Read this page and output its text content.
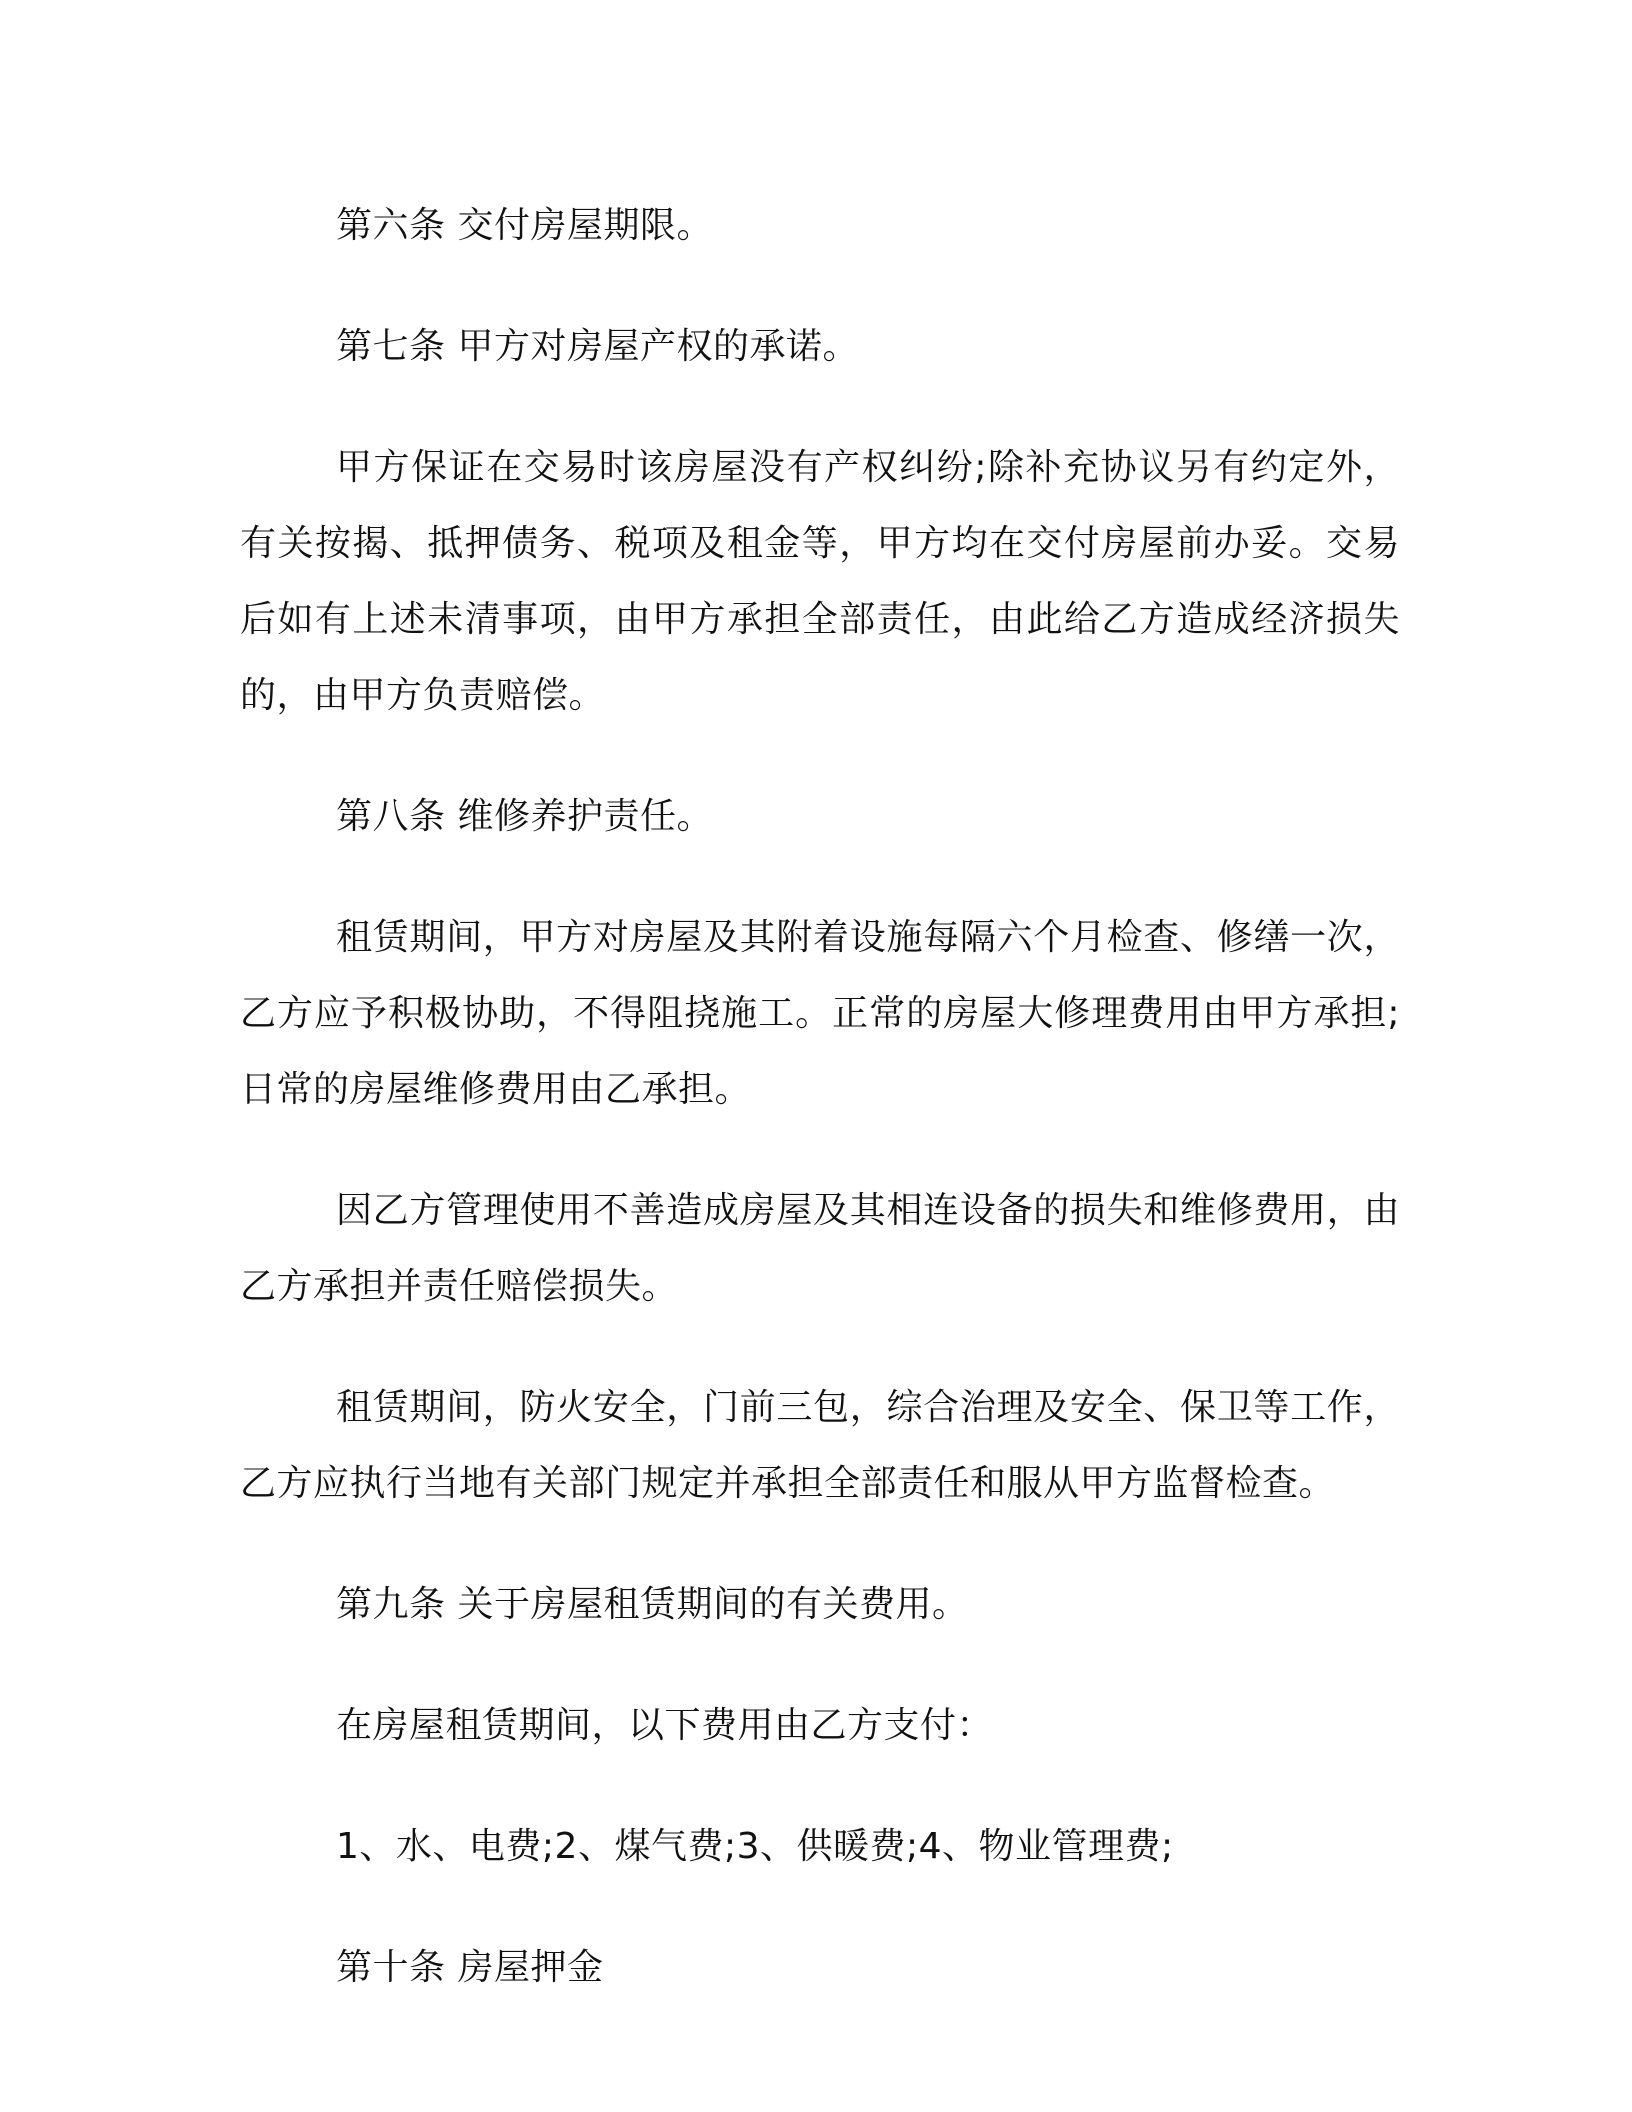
第六条 交付房屋期限。

第七条 甲方对房屋产权的承诺。

甲方保证在交易时该房屋没有产权纠纷;除补充协议另有约定外，有关按揭、抵押债务、税项及租金等，甲方均在交付房屋前办妥。交易后如有上述未清事项，由甲方承担全部责任，由此给乙方造成经济损失的，由甲方负责赔偿。

第八条 维修养护责任。

租赁期间，甲方对房屋及其附着设施每隔六个月检查、修缮一次，乙方应予积极协助，不得阻挠施工。正常的房屋大修理费用由甲方承担;日常的房屋维修费用由乙承担。

因乙方管理使用不善造成房屋及其相连设备的损失和维修费用，由乙方承担并责任赔偿损失。

租赁期间，防火安全，门前三包，综合治理及安全、保卫等工作，乙方应执行当地有关部门规定并承担全部责任和服从甲方监督检查。

第九条 关于房屋租赁期间的有关费用。

在房屋租赁期间，以下费用由乙方支付：

1、水、电费;2、煤气费;3、供暖费;4、物业管理费;

第十条 房屋押金
